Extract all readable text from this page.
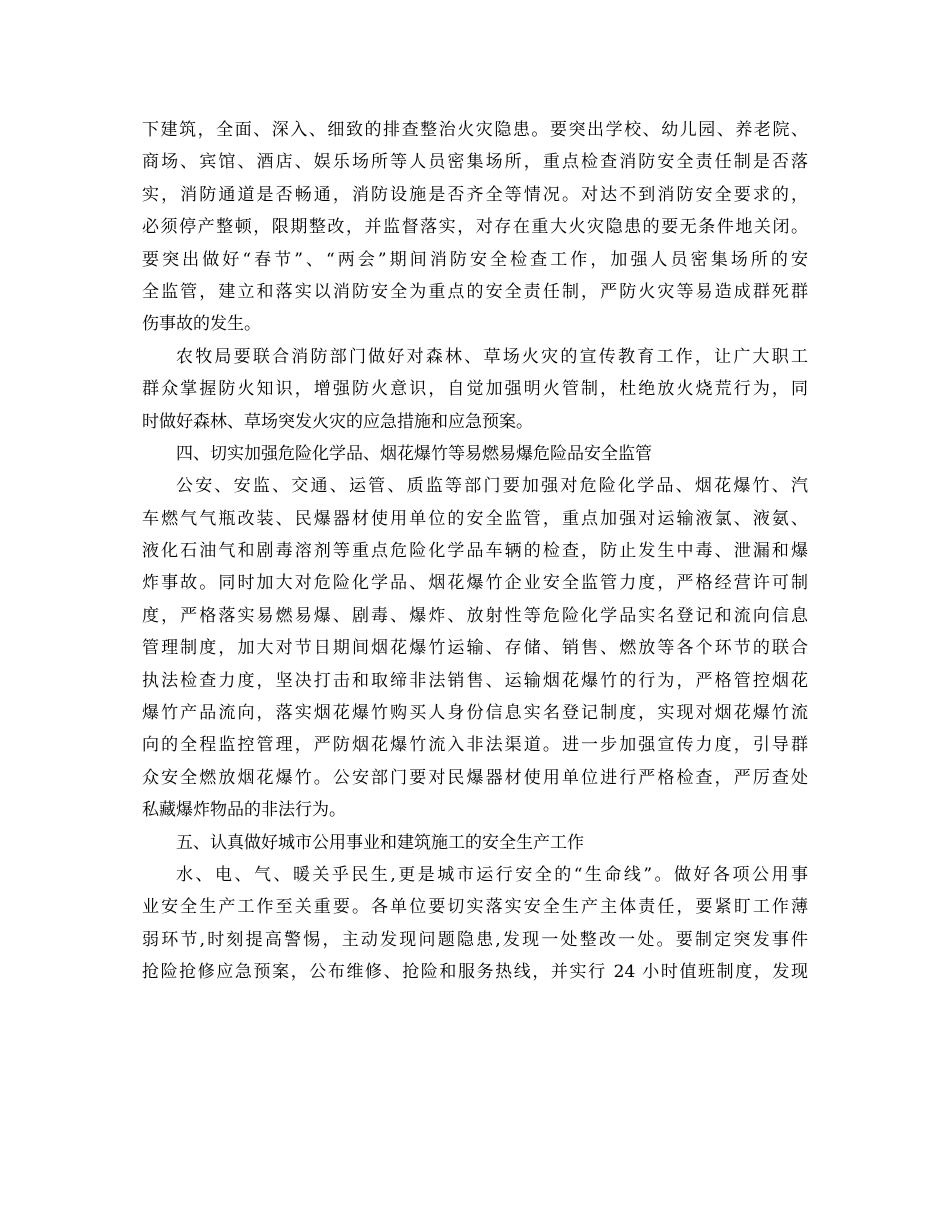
下建筑，全面、深入、细致的排查整治火灾隐患。要突出学校、幼儿园、养老院、
商场、宾馆、酒店、娱乐场所等人员密集场所，重点检查消防安全责任制是否落
实，消防通道是否畅通，消防设施是否齐全等情况。对达不到消防安全要求的，
必须停产整顿，限期整改，并监督落实，对存在重大火灾隐患的要无条件地关闭。
要突出做好“春节”、“两会”期间消防安全检查工作，加强人员密集场所的安
全监管，建立和落实以消防安全为重点的安全责任制，严防火灾等易造成群死群
伤事故的发生。
农牧局要联合消防部门做好对森林、草场火灾的宣传教育工作，让广大职工
群众掌握防火知识，增强防火意识，自觉加强明火管制，杜绝放火烧荒行为，同
时做好森林、草场突发火灾的应急措施和应急预案。
四、切实加强危险化学品、烟花爆竹等易燃易爆危险品安全监管
公安、安监、交通、运管、质监等部门要加强对危险化学品、烟花爆竹、汽
车燃气气瓶改装、民爆器材使用单位的安全监管，重点加强对运输液氯、液氨、
液化石油气和剧毒溶剂等重点危险化学品车辆的检查，防止发生中毒、泄漏和爆
炸事故。同时加大对危险化学品、烟花爆竹企业安全监管力度，严格经营许可制
度，严格落实易燃易爆、剧毒、爆炸、放射性等危险化学品实名登记和流向信息
管理制度，加大对节日期间烟花爆竹运输、存储、销售、燃放等各个环节的联合
执法检查力度，坚决打击和取缔非法销售、运输烟花爆竹的行为，严格管控烟花
爆竹产品流向，落实烟花爆竹购买人身份信息实名登记制度，实现对烟花爆竹流
向的全程监控管理，严防烟花爆竹流入非法渠道。进一步加强宣传力度，引导群
众安全燃放烟花爆竹。公安部门要对民爆器材使用单位进行严格检查，严厉查处
私藏爆炸物品的非法行为。
五、认真做好城市公用事业和建筑施工的安全生产工作
水、电、气、暖关乎民生,更是城市运行安全的“生命线”。做好各项公用事
业安全生产工作至关重要。各单位要切实落实安全生产主体责任，要紧盯工作薄
弱环节,时刻提高警惕，主动发现问题隐患,发现一处整改一处。要制定突发事件
抢险抢修应急预案，公布维修、抢险和服务热线，并实行 24 小时值班制度，发现
